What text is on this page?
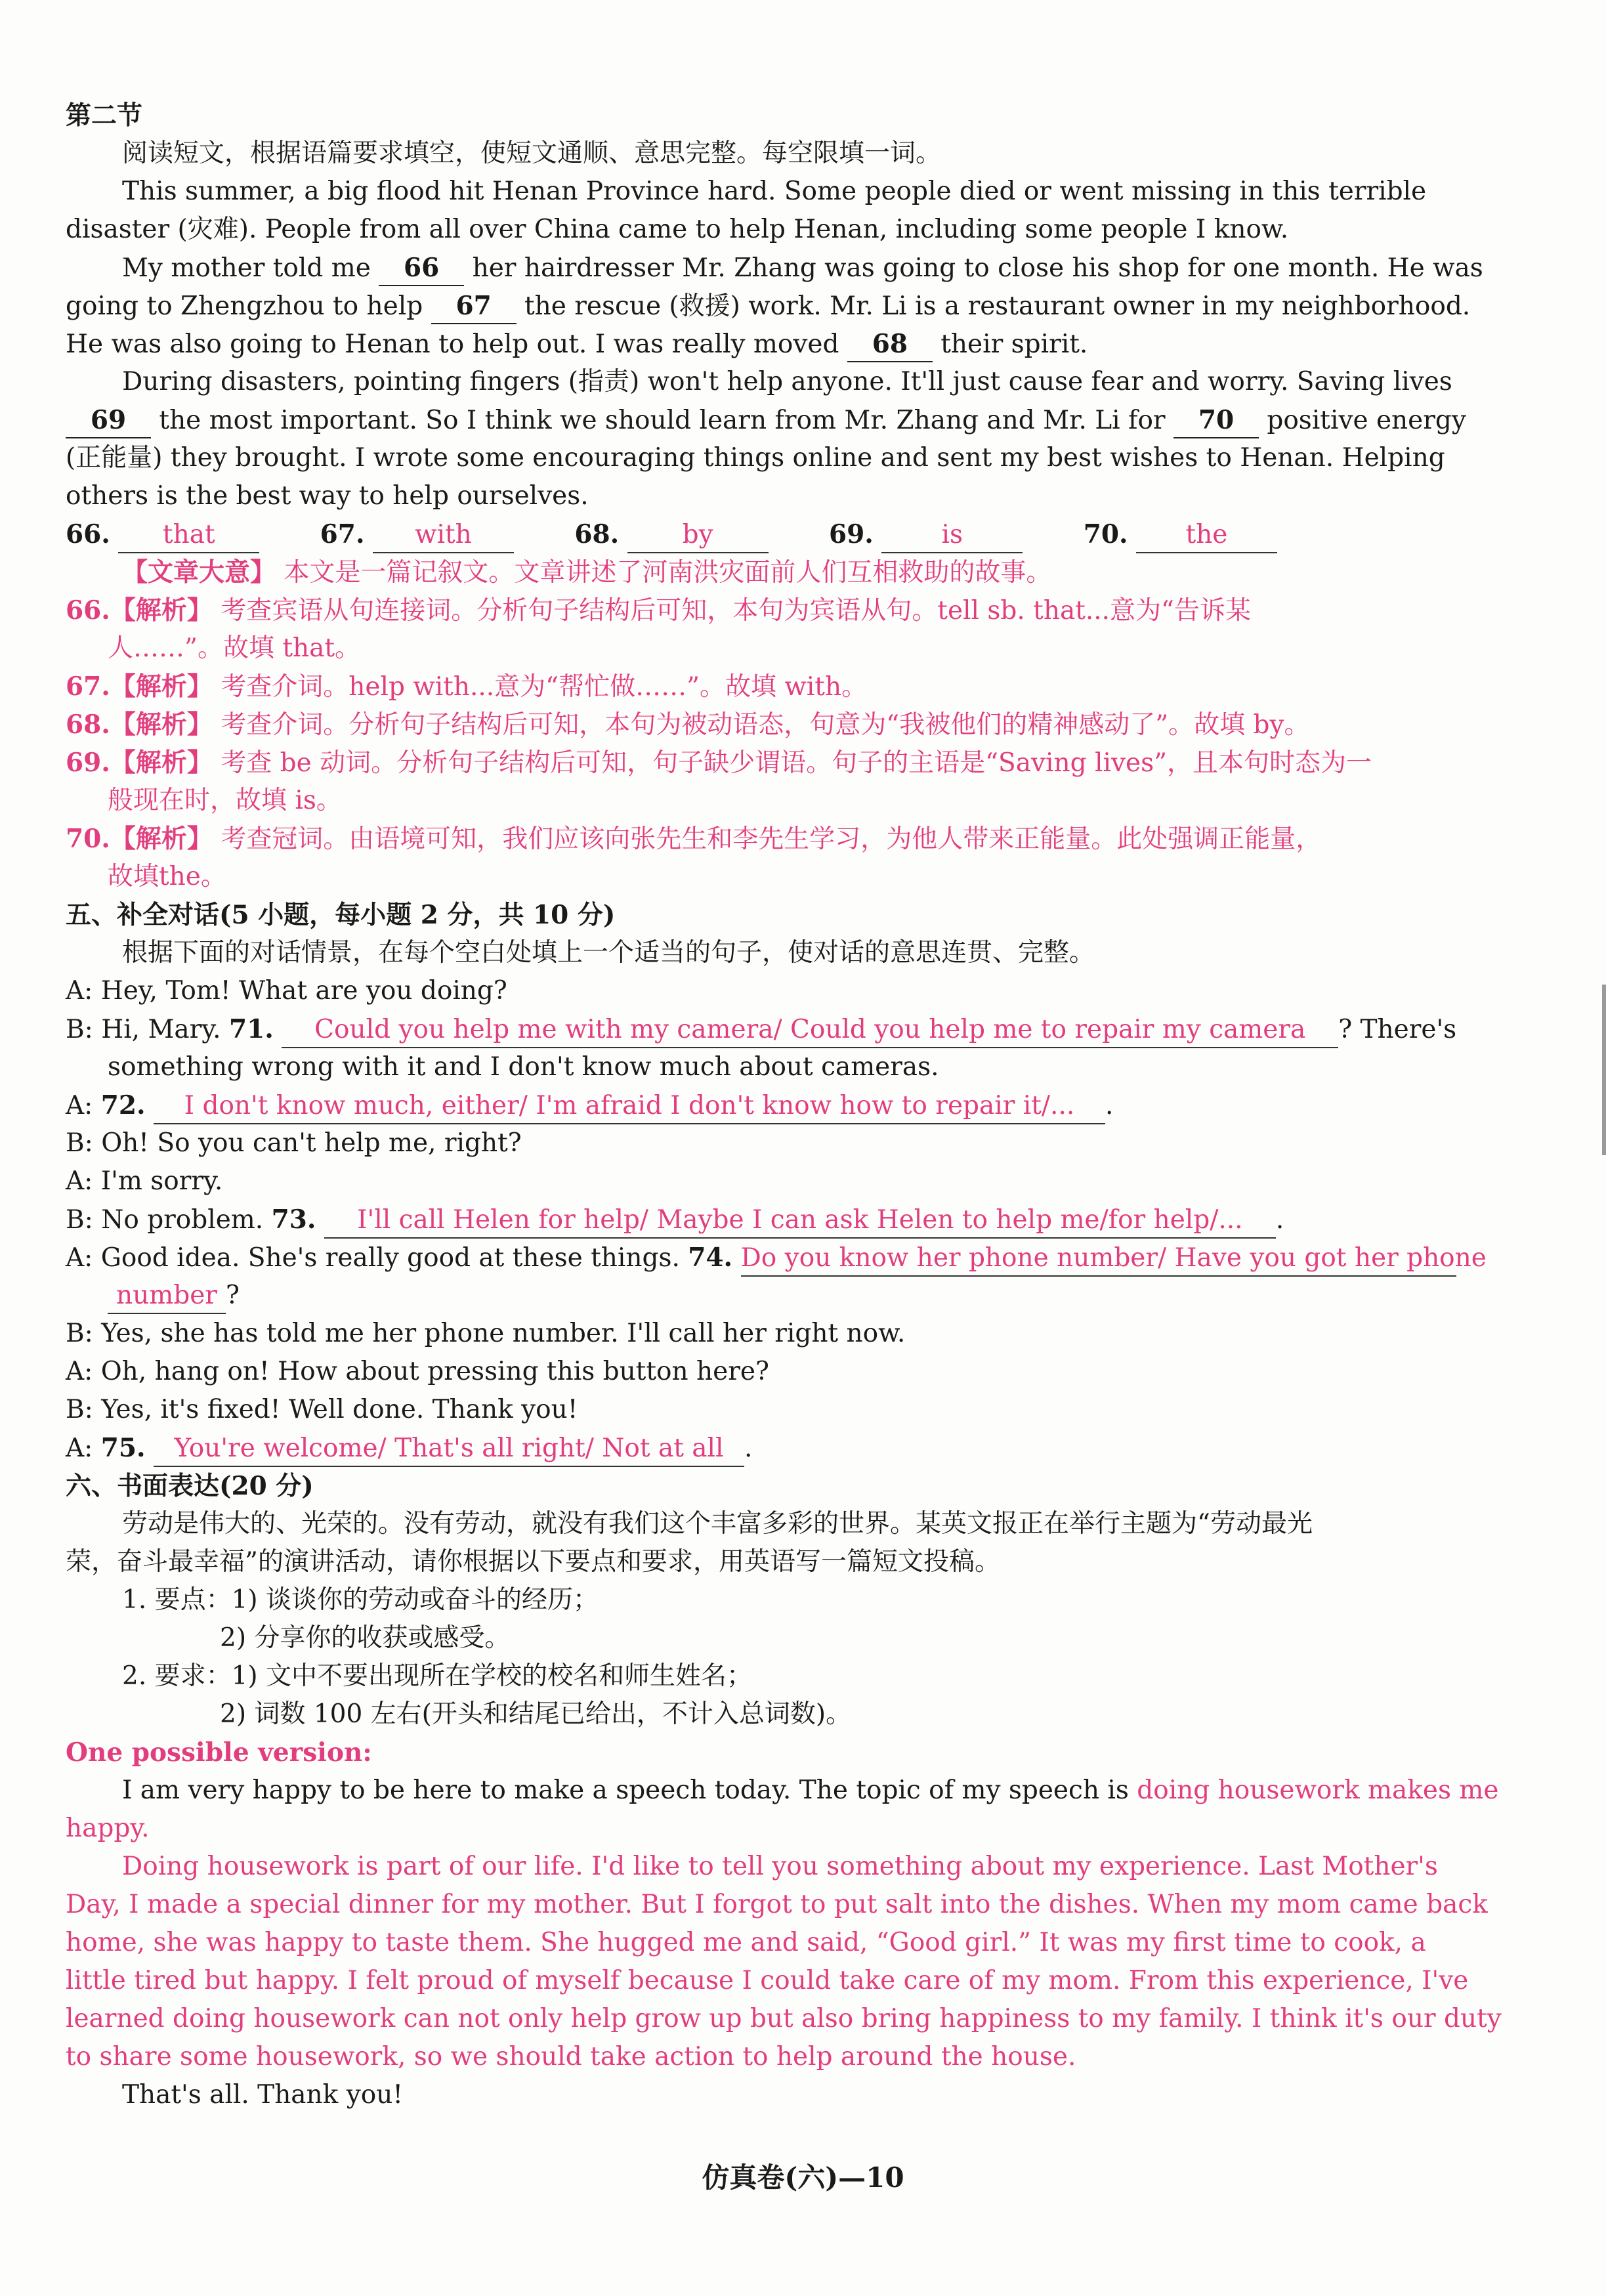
第二节
阅读短文，根据语篇要求填空，使短文通顺、意思完整。每空限填一词。
This summer, a big flood hit Henan Province hard. Some people died or went missing in this terrible
disaster (灾难). People from all over China came to help Henan, including some people I know.
My mother told me 66 her hairdresser Mr. Zhang was going to close his shop for one month. He was
going to Zhengzhou to help 67 the rescue (救援) work. Mr. Li is a restaurant owner in my neighborhood.
He was also going to Henan to help out. I was really moved 68 their spirit.
During disasters, pointing fingers (指责) won't help anyone. It'll just cause fear and worry. Saving lives
69 the most important. So I think we should learn from Mr. Zhang and Mr. Li for 70 positive energy
(正能量) they brought. I wrote some encouraging things online and sent my best wishes to Henan. Helping
others is the best way to help ourselves.
66. that	67. with	68. by	69.	is	70. the
【文章大意】 本文是一篇记叙文。文章讲述了河南洪灾面前人们互相救助的故事。
66.【解析】 考查宾语从句连接词。分析句子结构后可知，本句为宾语从句。tell sb. that...意为“告诉某
人……”。故填 that。
67.【解析】 考查介词。help with...意为“帮忙做……”。故填 with。
68.【解析】 考查介词。分析句子结构后可知，本句为被动语态，句意为“我被他们的精神感动了”。故填 by。
69.【解析】 考查 be 动词。分析句子结构后可知，句子缺少谓语。句子的主语是“Saving lives”，且本句时态为一
般现在时，故填 is。
70.【解析】 考查冠词。由语境可知，我们应该向张先生和李先生学习，为他人带来正能量。此处强调正能量，
故填the。
五、补全对话(5 小题，每小题 2 分，共 10 分)
根据下面的对话情景，在每个空白处填上一个适当的句子，使对话的意思连贯、完整。
A: Hey, Tom! What are you doing?
B: Hi, Mary. 71. Could you help me with my camera/ Could you help me to repair my camera ? There's
something wrong with it and I don't know much about cameras.
A: 72. I don't know much, either/ I'm afraid I don't know how to repair it/... .
B: Oh! So you can't help me, right?
A: I'm sorry.
B: No problem. 73. I'll call Helen for help/ Maybe I can ask Helen to help me/for help/... .
A: Good idea. She's really good at these things. 74. Do you know her phone number/ Have you got her phone
number ?
B: Yes, she has told me her phone number. I'll call her right now.
A: Oh, hang on! How about pressing this button here?
B: Yes, it's fixed! Well done. Thank you!
A: 75. You're welcome/ That's all right/ Not at all .
六、书面表达(20 分)
劳动是伟大的、光荣的。没有劳动，就没有我们这个丰富多彩的世界。某英文报正在举行主题为“劳动最光
荣，奋斗最幸福”的演讲活动，请你根据以下要点和要求，用英语写一篇短文投稿。
1. 要点：1) 谈谈你的劳动或奋斗的经历；
2) 分享你的收获或感受。
2. 要求：1) 文中不要出现所在学校的校名和师生姓名；
2) 词数 100 左右(开头和结尾已给出，不计入总词数)。
One possible version:
I am very happy to be here to make a speech today. The topic of my speech is doing housework makes me
happy.
Doing housework is part of our life. I'd like to tell you something about my experience. Last Mother's
Day, I made a special dinner for my mother. But I forgot to put salt into the dishes. When my mom came back
home, she was happy to taste them. She hugged me and said, “Good girl.” It was my first time to cook, a
little tired but happy. I felt proud of myself because I could take care of my mom. From this experience, I've
learned doing housework can not only help grow up but also bring happiness to my family. I think it's our duty
to share some housework, so we should take action to help around the house.
That's all. Thank you!
仿真卷(六)—10
